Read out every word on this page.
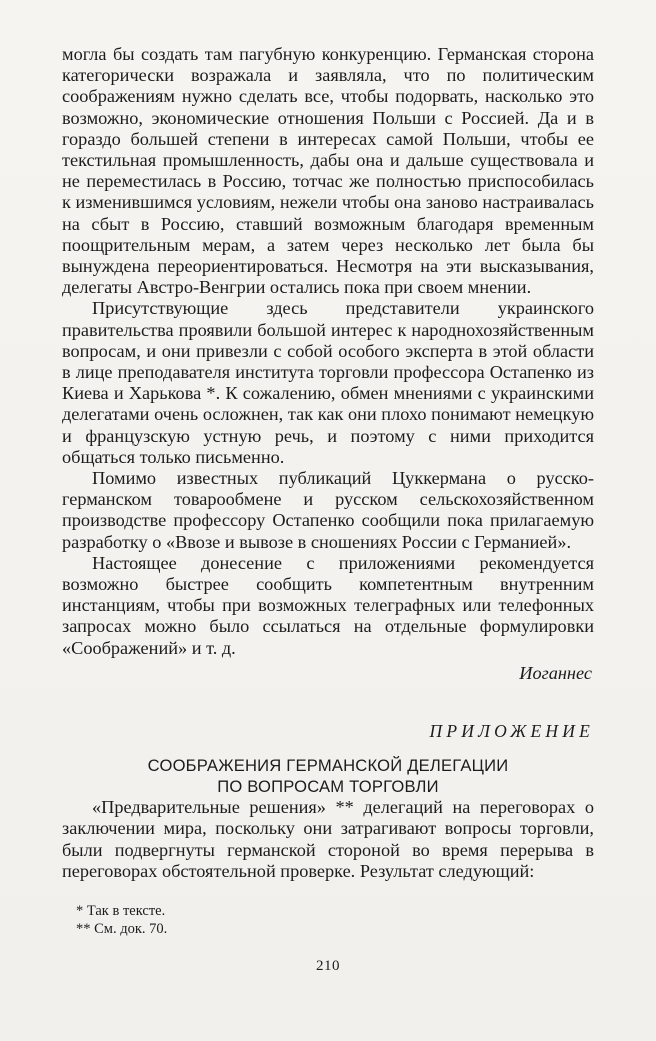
могла бы создать там пагубную конкуренцию. Германская сторона категорически возражала и заявляла, что по политическим соображениям нужно сделать все, чтобы подорвать, насколько это возможно, экономические отношения Польши с Россией. Да и в гораздо большей степени в интересах самой Польши, чтобы ее текстильная промышленность, дабы она и дальше существовала и не переместилась в Россию, тотчас же полностью приспособилась к изменившимся условиям, нежели чтобы она заново настраивалась на сбыт в Россию, ставший возможным благодаря временным поощрительным мерам, а затем через несколько лет была бы вынуждена переориентироваться. Несмотря на эти высказывания, делегаты Австро-Венгрии остались пока при своем мнении.

Присутствующие здесь представители украинского правительства проявили большой интерес к народнохозяйственным вопросам, и они привезли с собой особого эксперта в этой области в лице преподавателя института торговли профессора Остапенко из Киева и Харькова *. К сожалению, обмен мнениями с украинскими делегатами очень осложнен, так как они плохо понимают немецкую и французскую устную речь, и поэтому с ними приходится общаться только письменно.

Помимо известных публикаций Цуккермана о русско-германском товарообмене и русском сельскохозяйственном производстве профессору Остапенко сообщили пока прилагаемую разработку о «Ввозе и вывозе в сношениях России с Германией».

Настоящее донесение с приложениями рекомендуется возможно быстрее сообщить компетентным внутренним инстанциям, чтобы при возможных телеграфных или телефонных запросах можно было ссылаться на отдельные формулировки «Соображений» и т. д.

Иоганнес
ПРИЛОЖЕНИЕ
СООБРАЖЕНИЯ ГЕРМАНСКОЙ ДЕЛЕГАЦИИ
ПО ВОПРОСАМ ТОРГОВЛИ

«Предварительные решения» ** делегаций на переговорах о заключении мира, поскольку они затрагивают вопросы торговли, были подвергнуты германской стороной во время перерыва в переговорах обстоятельной проверке. Результат следующий:

* Так в тексте.

** См. док. 70.

210
